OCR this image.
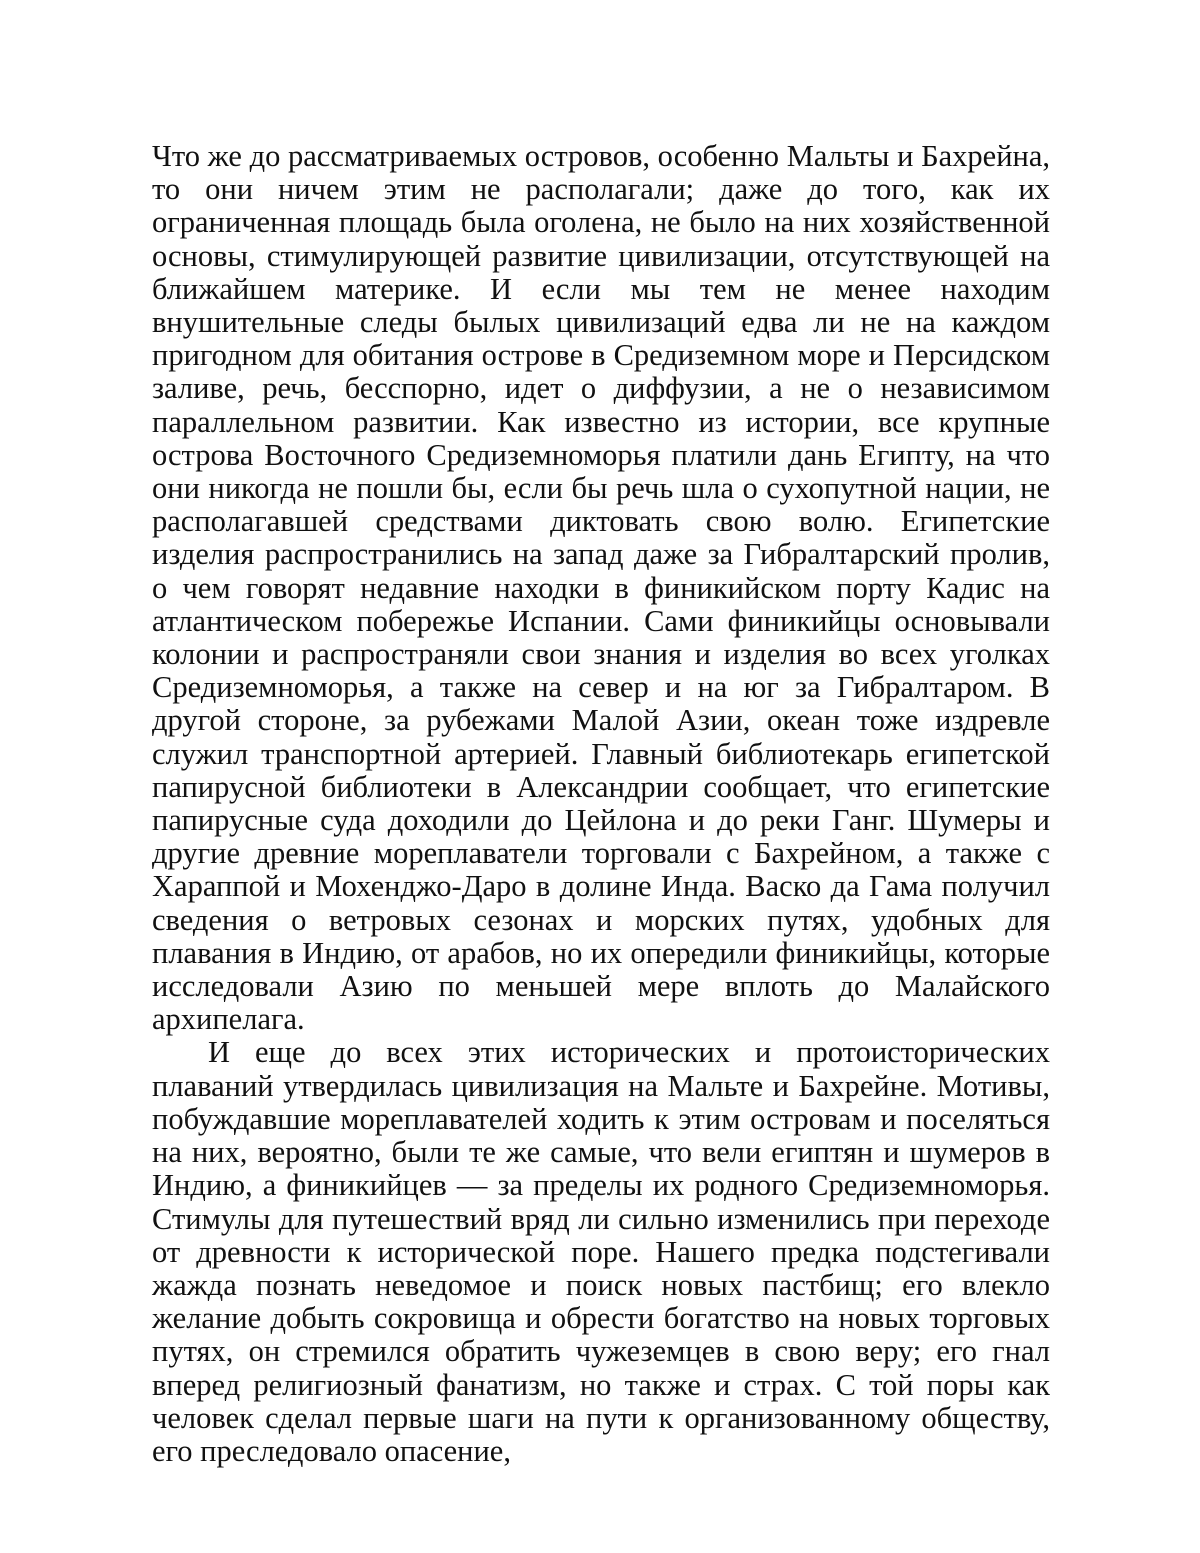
Что же до рассматриваемых островов, особенно Мальты и Бахрейна, то они ничем этим не располагали; даже до того, как их ограниченная площадь была оголена, не было на них хозяйственной основы, стимулирующей развитие цивилизации, отсутствующей на ближайшем материке. И если мы тем не менее находим внушительные следы былых цивилизаций едва ли не на каждом пригодном для обитания острове в Средиземном море и Персидском заливе, речь, бесспорно, идет о диффузии, а не о независимом параллельном развитии. Как известно из истории, все крупные острова Восточного Средиземноморья платили дань Египту, на что они никогда не пошли бы, если бы речь шла о сухопутной нации, не располагавшей средствами диктовать свою волю. Египетские изделия распространились на запад даже за Гибралтарский пролив, о чем говорят недавние находки в финикийском порту Кадис на атлантическом побережье Испании. Сами финикийцы основывали колонии и распространяли свои знания и изделия во всех уголках Средиземноморья, а также на север и на юг за Гибралтаром. В другой стороне, за рубежами Малой Азии, океан тоже издревле служил транспортной артерией. Главный библиотекарь египетской папирусной библиотеки в Александрии сообщает, что египетские папирусные суда доходили до Цейлона и до реки Ганг. Шумеры и другие древние мореплаватели торговали с Бахрейном, а также с Хараппой и Мохенджо-Даро в долине Инда. Васко да Гама получил сведения о ветровых сезонах и морских путях, удобных для плавания в Индию, от арабов, но их опередили финикийцы, которые исследовали Азию по меньшей мере вплоть до Малайского архипелага.

И еще до всех этих исторических и протоисторических плаваний утвердилась цивилизация на Мальте и Бахрейне. Мотивы, побуждавшие мореплавателей ходить к этим островам и поселяться на них, вероятно, были те же самые, что вели египтян и шумеров в Индию, а финикийцев — за пределы их родного Средиземноморья. Стимулы для путешествий вряд ли сильно изменились при переходе от древности к исторической поре. Нашего предка подстегивали жажда познать неведомое и поиск новых пастбищ; его влекло желание добыть сокровища и обрести богатство на новых торговых путях, он стремился обратить чужеземцев в свою веру; его гнал вперед религиозный фанатизм, но также и страх. С той поры как человек сделал первые шаги на пути к организованному обществу, его преследовало опасение,
